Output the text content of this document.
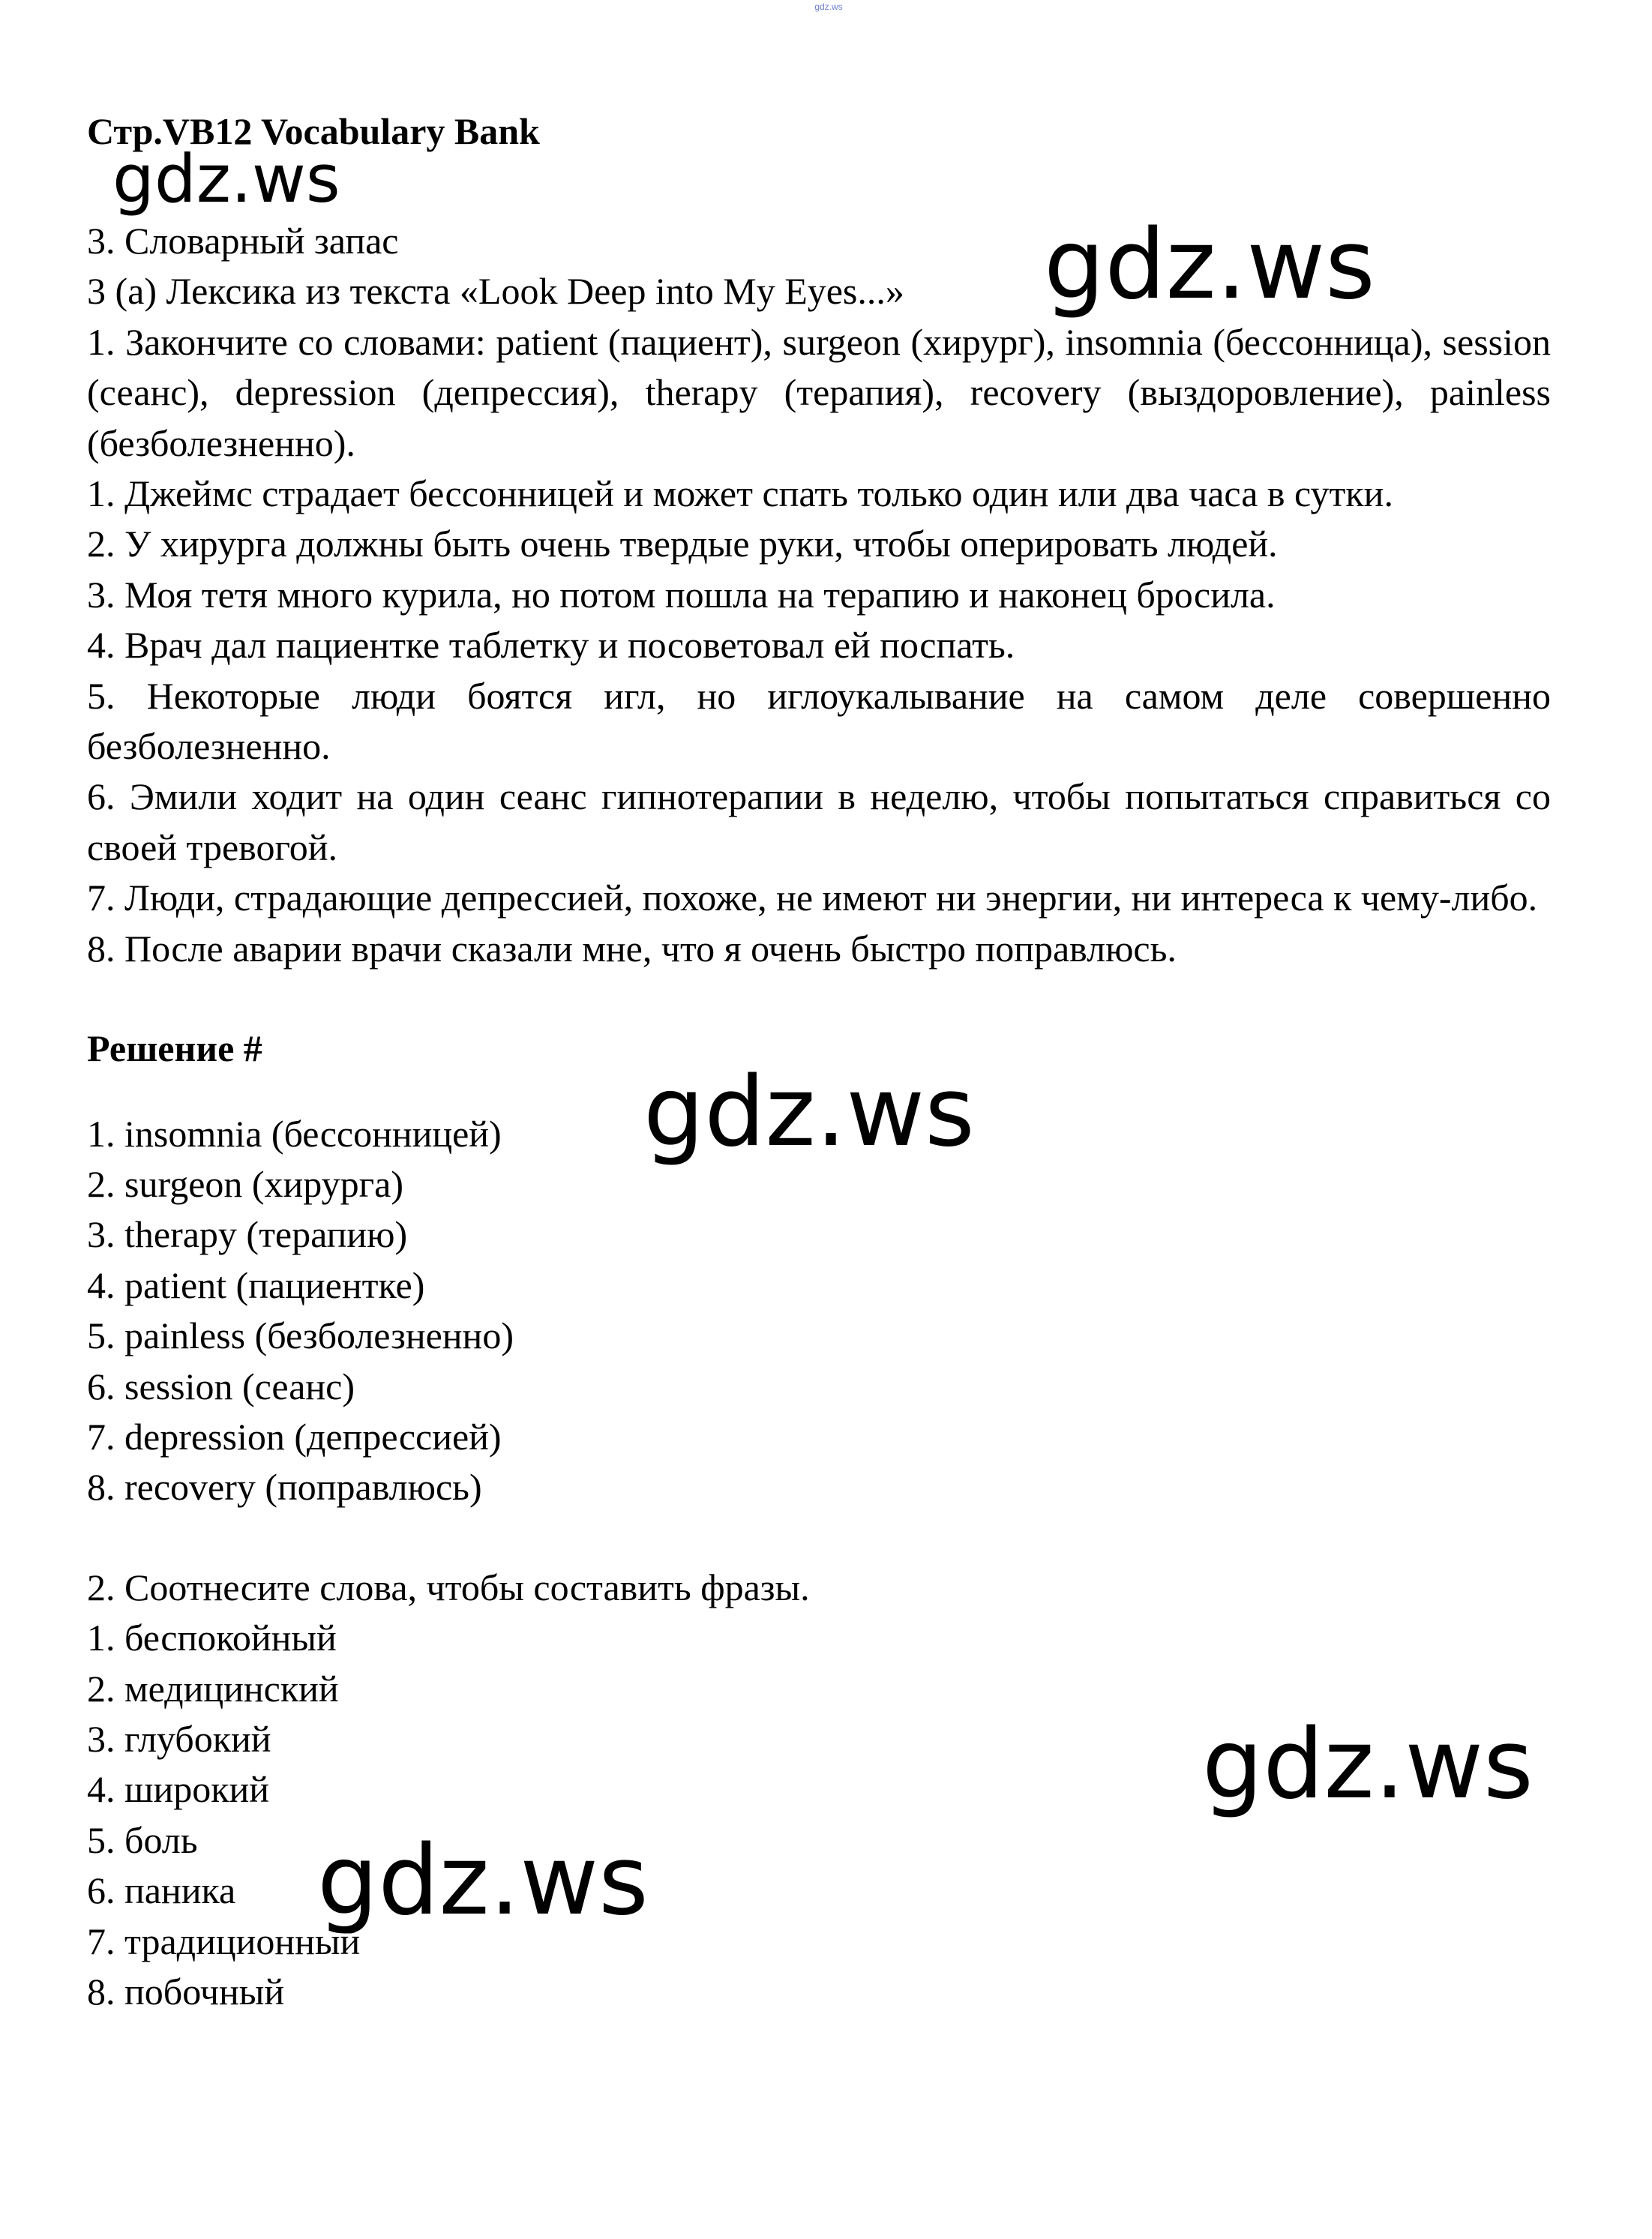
gdz.ws

Стр.VB12 Vocabulary Bank

3. Словарный запас

3 (а) Лексика из текста «Look Deep into My Eyes...»

1. Закончите со словами: patient (пациент), surgeon (хирург), insomnia (бессонница), session (сеанс), depression (депрессия), therapy (терапия), recovery (выздоровление), painless (безболезненно).

1. Джеймс страдает бессонницей и может спать только один или два часа в сутки.

2. У хирурга должны быть очень твердые руки, чтобы оперировать людей.

3. Моя тетя много курила, но потом пошла на терапию и наконец бросила.

4. Врач дал пациентке таблетку и посоветовал ей поспать.

5. Некоторые люди боятся игл, но иглоукалывание на самом деле совершенно безболезненно.

6. Эмили ходит на один сеанс гипнотерапии в неделю, чтобы попытаться справиться со своей тревогой.

7. Люди, страдающие депрессией, похоже, не имеют ни энергии, ни интереса к чему-либо.

8. После аварии врачи сказали мне, что я очень быстро поправлюсь.

Решение #

1. insomnia (бессонницей)

2. surgeon (хирурга)

3. therapy (терапию)

4. patient (пациентке)

5. painless (безболезненно)

6. session (сеанс)

7. depression (депрессией)

8. recovery (поправлюсь)

2. Соотнесите слова, чтобы составить фразы.

1. беспокойный

2. медицинский

3. глубокий

4. широкий

5. боль

6. паника

7. традиционный

8. побочный

gdz.ws
gdz.ws
gdz.ws
gdz.ws
gdz.ws
